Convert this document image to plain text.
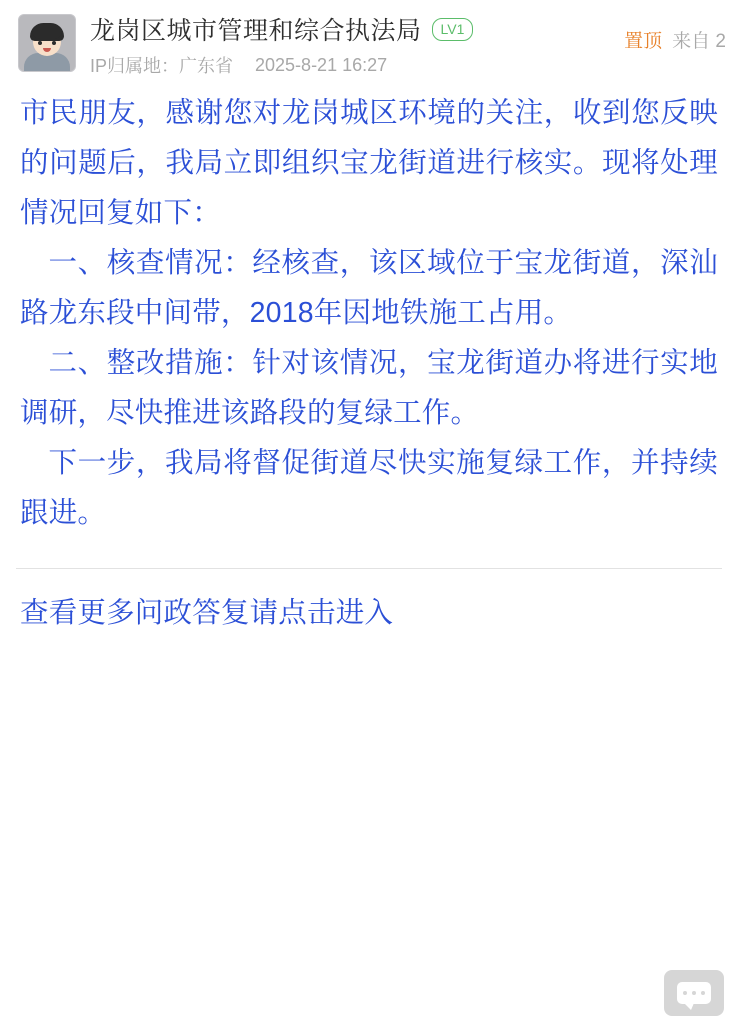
龙岗区城市管理和综合执法局	LV1
IP归属地： 广东省 2025-8-21 16:27
置顶 来自 2

市民朋友，感谢您对龙岗城区环境的关注，收到您反映的问题后，我局立即组织宝龙街道进行核实。现将处理情况回复如下：

一、核查情况：经核查，该区域位于宝龙街道，深汕路龙东段中间带，2018年因地铁施工占用。

二、整改措施：针对该情况，宝龙街道办将进行实地调研，尽快推进该路段的复绿工作。

下一步，我局将督促街道尽快实施复绿工作，并持续跟进。

查看更多问政答复请点击进入
